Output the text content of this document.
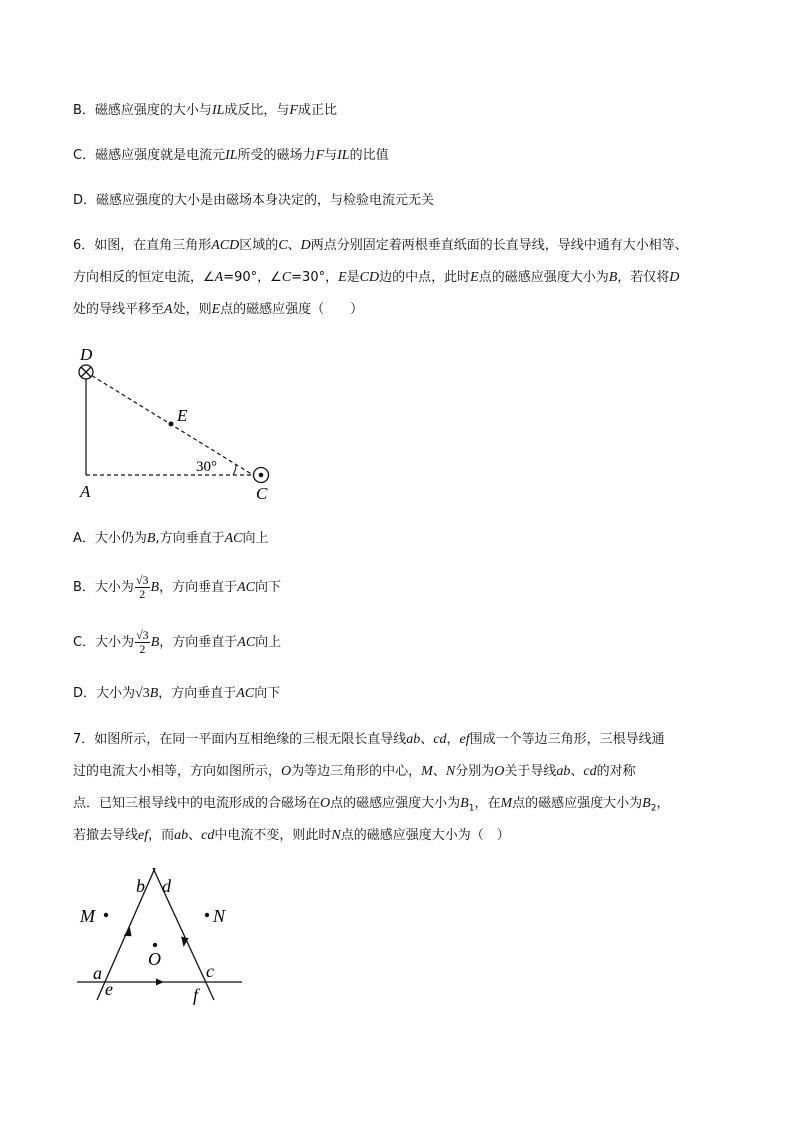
B．磁感应强度的大小与IL成反比，与F成正比
C．磁感应强度就是电流元IL所受的磁场力F与IL的比值
D．磁感应强度的大小是由磁场本身决定的，与检验电流元无关
6．如图，在直角三角形ACD区域的C、D两点分别固定着两根垂直纸面的长直导线，导线中通有大小相等、
方向相反的恒定电流，∠A=90°，∠C=30°，E是CD边的中点，此时E点的磁感应强度大小为B，若仅将D
处的导线平移至A处，则E点的磁感应强度（　　）
D
E
A	C
30°
A．大小仍为B,方向垂直于AC向上
B．大小为 $\frac{√3}{2}$ B，方向垂直于AC向下
C．大小为 $\frac{√3}{2}$ B，方向垂直于AC向上
D．大小为√3B，方向垂直于AC向下
7．如图所示，在同一平面内互相绝缘的三根无限长直导线ab、cd，ef围成一个等边三角形，三根导线通
过的电流大小相等，方向如图所示，O为等边三角形的中心，M、N分别为O关于导线ab、cd的对称
点．已知三根导线中的电流形成的合磁场在O点的磁感应强度大小为$B_1$，在M点的磁感应强度大小为$B_2$，
若撤去导线ef，而ab、cd中电流不变，则此时N点的磁感应强度大小为（　）
b d
M	N
O
a	c
e	f
